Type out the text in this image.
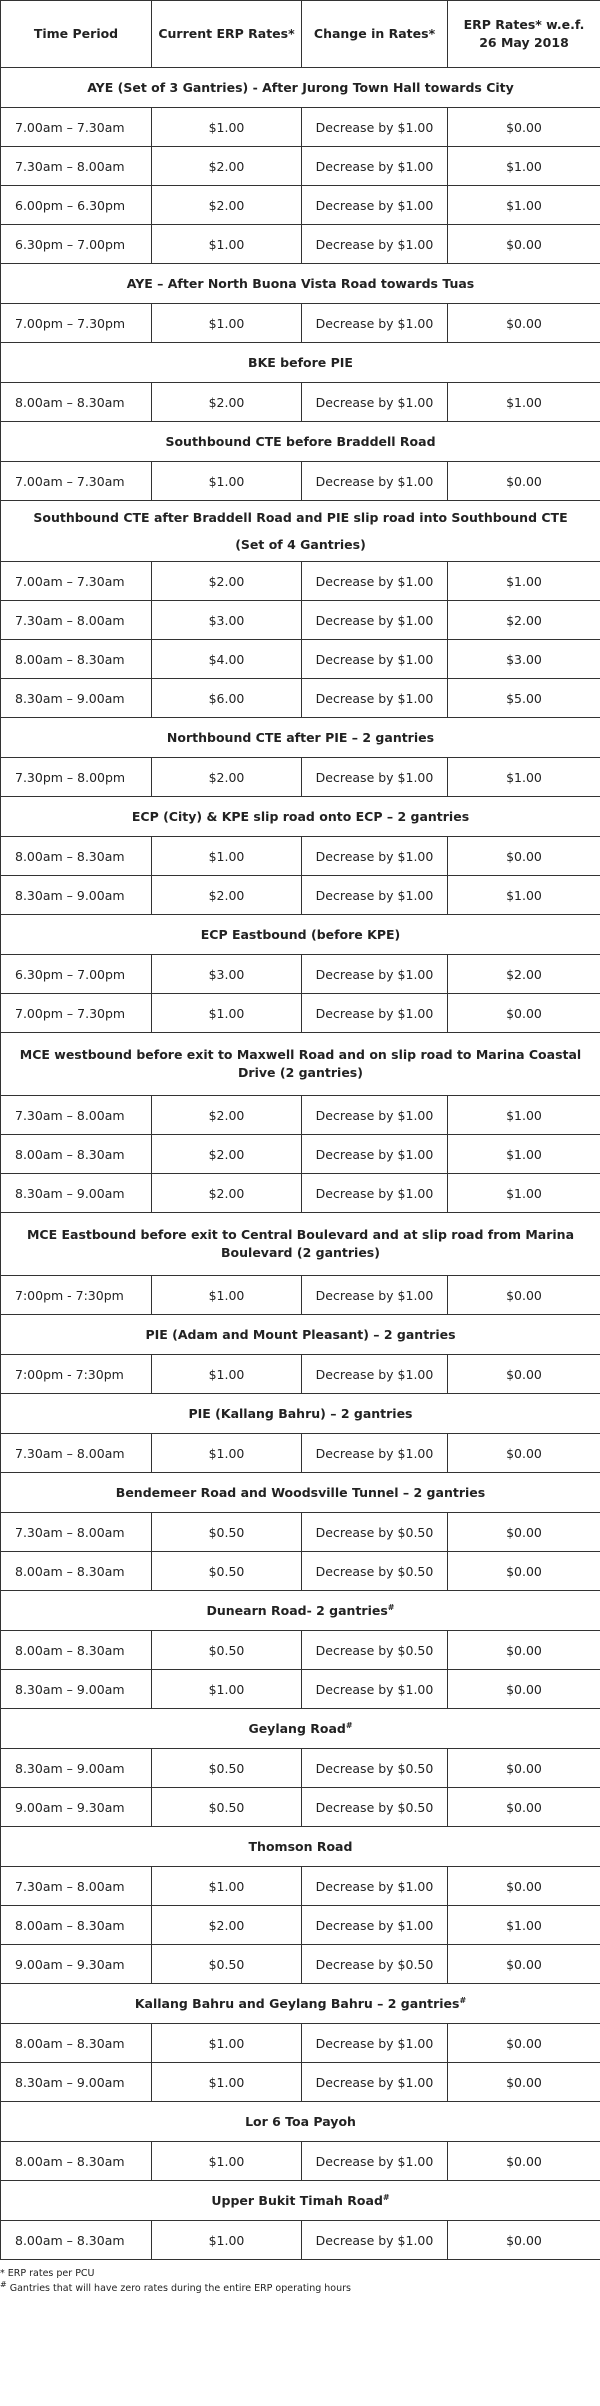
Time Period	Current ERP Rates*	Change in Rates*	ERP Rates* w.e.f.
26 May 2018

AYE (Set of 3 Gantries) - After Jurong Town Hall towards City			
7.00am – 7.30am	$1.00	Decrease by $1.00	$0.00
7.30am – 8.00am	$2.00	Decrease by $1.00	$1.00
6.00pm – 6.30pm	$2.00	Decrease by $1.00	$1.00
6.30pm – 7.00pm	$1.00	Decrease by $1.00	$0.00
AYE – After North Buona Vista Road towards Tuas			
7.00pm – 7.30pm	$1.00	Decrease by $1.00	$0.00
BKE before PIE			
8.00am – 8.30am	$2.00	Decrease by $1.00	$1.00
Southbound CTE before Braddell Road			
7.00am – 7.30am	$1.00	Decrease by $1.00	$0.00
Southbound CTE after Braddell Road and PIE slip road into Southbound CTE
(Set of 4 Gantries)			
7.00am – 7.30am	$2.00	Decrease by $1.00	$1.00
7.30am – 8.00am	$3.00	Decrease by $1.00	$2.00
8.00am – 8.30am	$4.00	Decrease by $1.00	$3.00
8.30am – 9.00am	$6.00	Decrease by $1.00	$5.00
Northbound CTE after PIE – 2 gantries			
7.30pm – 8.00pm	$2.00	Decrease by $1.00	$1.00
ECP (City) & KPE slip road onto ECP – 2 gantries			
8.00am – 8.30am	$1.00	Decrease by $1.00	$0.00
8.30am – 9.00am	$2.00	Decrease by $1.00	$1.00
ECP Eastbound (before KPE)			
6.30pm – 7.00pm	$3.00	Decrease by $1.00	$2.00
7.00pm – 7.30pm	$1.00	Decrease by $1.00	$0.00
MCE westbound before exit to Maxwell Road and on slip road to Marina Coastal Drive (2 gantries)			
7.30am – 8.00am	$2.00	Decrease by $1.00	$1.00
8.00am – 8.30am	$2.00	Decrease by $1.00	$1.00
8.30am – 9.00am	$2.00	Decrease by $1.00	$1.00
MCE Eastbound before exit to Central Boulevard and at slip road from Marina Boulevard (2 gantries)			
7:00pm - 7:30pm	$1.00	Decrease by $1.00	$0.00
PIE (Adam and Mount Pleasant) – 2 gantries			
7:00pm - 7:30pm	$1.00	Decrease by $1.00	$0.00
PIE (Kallang Bahru) – 2 gantries			
7.30am – 8.00am	$1.00	Decrease by $1.00	$0.00
Bendemeer Road and Woodsville Tunnel – 2 gantries			
7.30am – 8.00am	$0.50	Decrease by $0.50	$0.00
8.00am – 8.30am	$0.50	Decrease by $0.50	$0.00
Dunearn Road- 2 gantries#
8.00am – 8.30am	$0.50	Decrease by $0.50	$0.00
8.30am – 9.00am	$1.00	Decrease by $1.00	$0.00
Geylang Road#
8.30am – 9.00am	$0.50	Decrease by $0.50	$0.00
9.00am – 9.30am	$0.50	Decrease by $0.50	$0.00
Thomson Road			
7.30am – 8.00am	$1.00	Decrease by $1.00	$0.00
8.00am – 8.30am	$2.00	Decrease by $1.00	$1.00
9.00am – 9.30am	$0.50	Decrease by $0.50	$0.00
Kallang Bahru and Geylang Bahru – 2 gantries#
8.00am – 8.30am	$1.00	Decrease by $1.00	$0.00
8.30am – 9.00am	$1.00	Decrease by $1.00	$0.00
Lor 6 Toa Payoh			
8.00am – 8.30am	$1.00	Decrease by $1.00	$0.00
Upper Bukit Timah Road#
8.00am – 8.30am	$1.00	Decrease by $1.00	$0.00
* ERP rates per PCU
# Gantries that will have zero rates during the entire ERP operating hours
